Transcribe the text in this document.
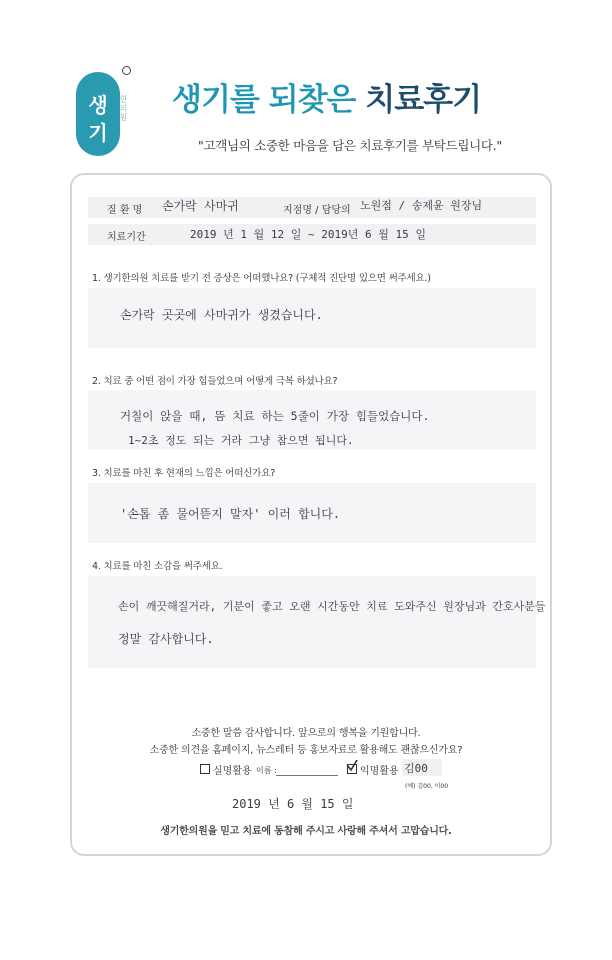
생
기
한의원 생기를 되찾은 치료후기
"고객님의 소중한 마음을 담은 치료후기를 부탁드립니다."
질 환 명 손가락 사마귀	지점명 / 담당의 노원점 / 송제윤 원장님
치료기간	2019 년 1 월 12 일 ~ 2019년 6 월 15 일
1. 생기한의원 치료를 받기 전 증상은 어떠했나요? (구체적 진단명 있으면 써주세요.)
손가락 곳곳에 사마귀가 생겼습니다.
2. 치료 중 어떤 점이 가장 힘들었으며 어떻게 극복 하셨나요?
거칠이 앉을 때, 뜸 치료 하는 5줄이 가장 힘들었습니다.
1~2초 정도 되는 거라 그냥 참으면 됩니다.
3. 치료를 마친 후 현재의 느낌은 어떠신가요?
'손톱 좀 물어뜯지 말자' 이러 합니다.
4. 치료를 마친 소감을 써주세요.
손이 깨끗해질거라, 기분이 좋고 오랜 시간동안 치료 도와주신 원장님과 간호사분들
정말 감사합니다.
소중한 말씀 감사합니다. 앞으로의 행복을 기원합니다.
소중한 의견을 홈페이지, 뉴스레터 등 홍보자료로 활용해도 괜찮으신가요?
실명활용 이름 :	익명활용 김00
(예) 김00, 이00
2019 년 6 월 15 일
생기한의원을 믿고 치료에 동참해 주시고 사랑해 주셔서 고맙습니다.
